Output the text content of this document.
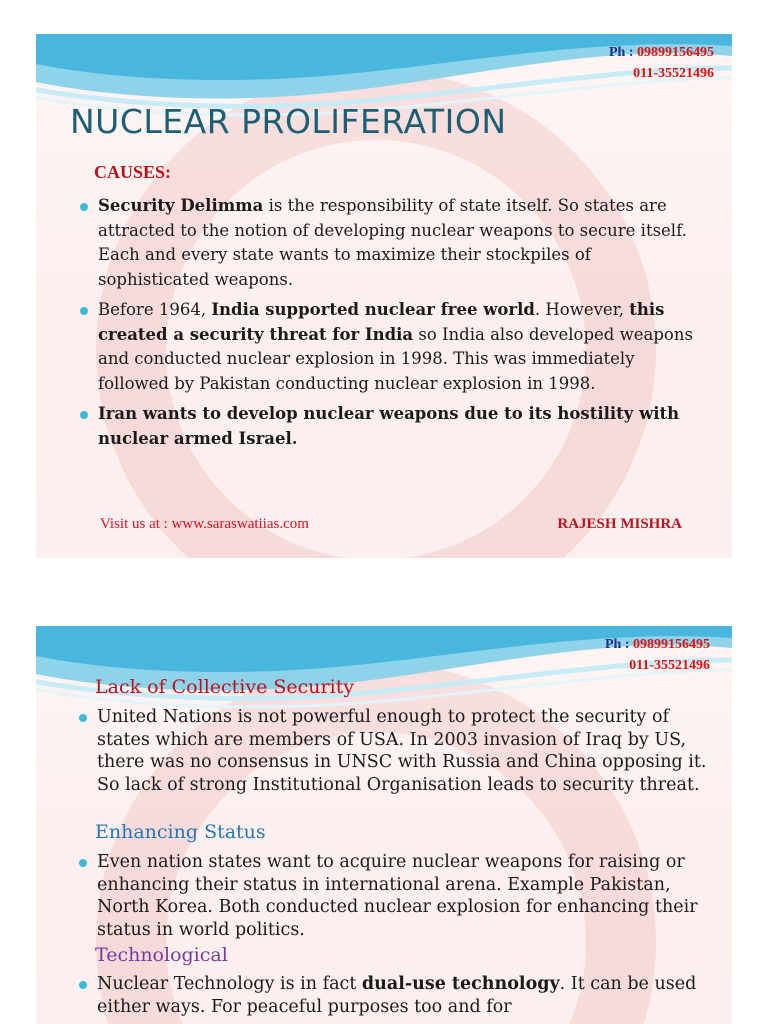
Ph : 09899156495
011-35521496
NUCLEAR PROLIFERATION
CAUSES:
Security Delimma is the responsibility of state itself. So states are attracted to the notion of developing nuclear weapons to secure itself. Each and every state wants to maximize their stockpiles of sophisticated weapons.
Before 1964, India supported nuclear free world. However, this created a security threat for India so India also developed weapons and conducted nuclear explosion in 1998. This was immediately followed by Pakistan conducting nuclear explosion in 1998.
Iran wants to develop nuclear weapons due to its hostility with nuclear armed Israel.
Visit us at : www.saraswatiias.com	RAJESH MISHRA
Ph : 09899156495
011-35521496
Lack of Collective Security
United Nations is not powerful enough to protect the security of states which are members of USA. In 2003 invasion of Iraq by US, there was no consensus in UNSC with Russia and China opposing it. So lack of strong Institutional Organisation leads to security threat.
Enhancing Status
Even nation states want to acquire nuclear weapons for raising or enhancing their status in international arena. Example Pakistan, North Korea. Both conducted nuclear explosion for enhancing their status in world politics.
Technological
Nuclear Technology is in fact dual-use technology. It can be used either ways. For peaceful purposes too and for
